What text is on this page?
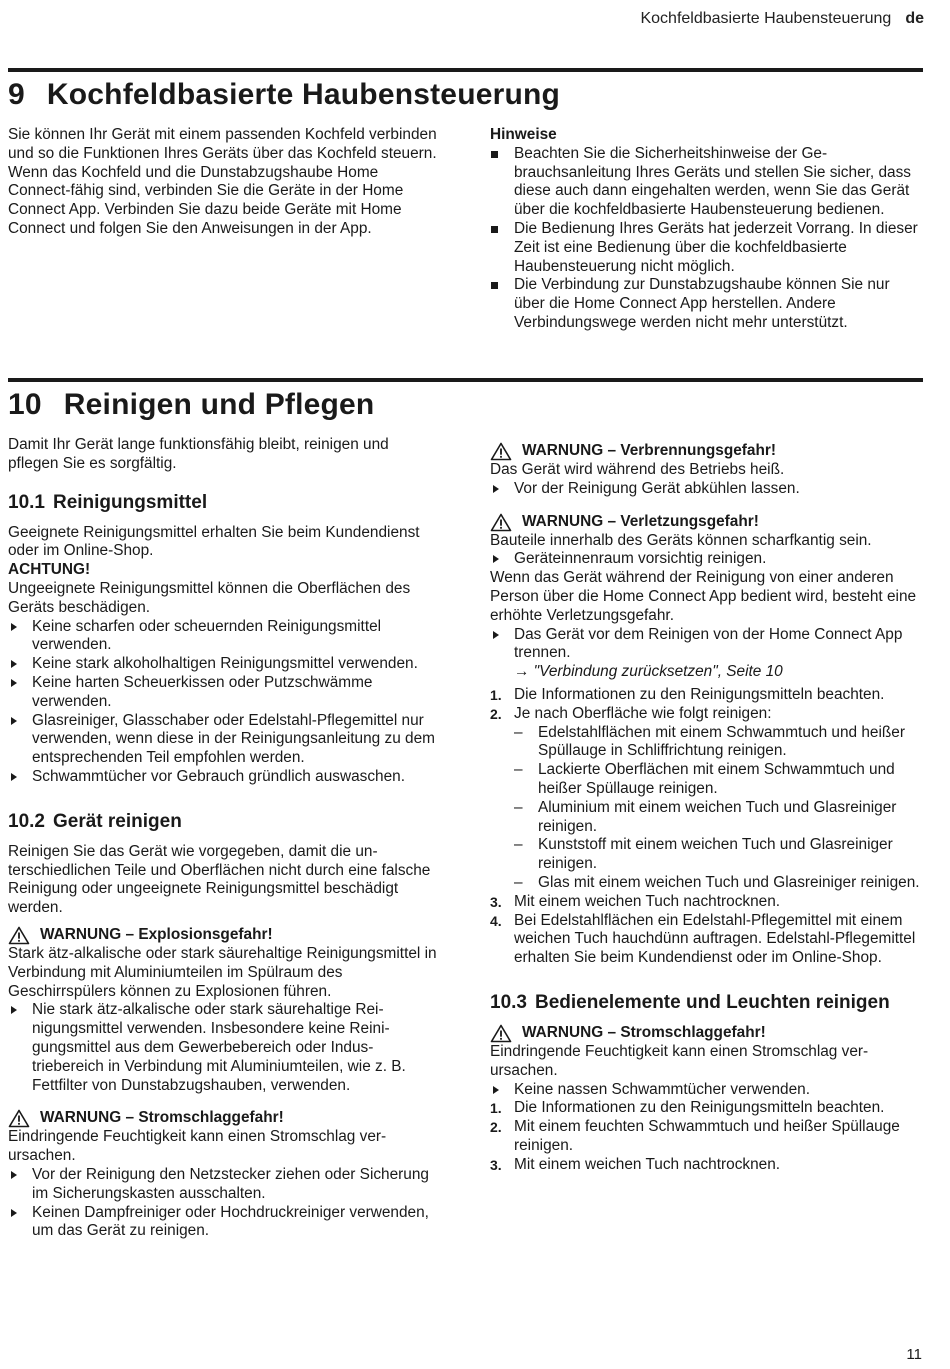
Kochfeldbasierte Haubensteuerung de
9 Kochfeldbasierte Haubensteuerung

Sie können Ihr Gerät mit einem passenden Kochfeld verbinden und so die Funktionen Ihres Geräts über das Kochfeld steuern.

Wenn das Kochfeld und die Dunstabzugshaube Home Connect-fähig sind, verbinden Sie die Geräte in der Home Connect App. Verbinden Sie dazu beide Geräte mit Home Connect und folgen Sie den Anweisungen in der App.

Hinweise

Beachten Sie die Sicherheitshinweise der Gebrauchsanleitung Ihres Geräts und stellen Sie sicher, dass diese auch dann eingehalten werden, wenn Sie das Gerät über die kochfeldbasierte Haubensteuerung bedienen.
Die Bedienung Ihres Geräts hat jederzeit Vorrang. In dieser Zeit ist eine Bedienung über die kochfeldbasierte Haubensteuerung nicht möglich.
Die Verbindung zur Dunstabzugshaube können Sie nur über die Home Connect App herstellen. Andere Verbindungswege werden nicht mehr unterstützt.
10 Reinigen und Pflegen

Damit Ihr Gerät lange funktionsfähig bleibt, reinigen und pflegen Sie es sorgfältig.

10.1 Reinigungsmittel

Geeignete Reinigungsmittel erhalten Sie beim Kundendienst oder im Online-Shop.

ACHTUNG!

Ungeeignete Reinigungsmittel können die Oberflächen des Geräts beschädigen.

Keine scharfen oder scheuernden Reinigungsmittel verwenden.
Keine stark alkoholhaltigen Reinigungsmittel verwenden.
Keine harten Scheuerkissen oder Putzschwämme verwenden.
Glasreiniger, Glasschaber oder Edelstahl-Pflegemittel nur verwenden, wenn diese in der Reinigungsanleitung zu dem entsprechenden Teil empfohlen werden.
Schwammtücher vor Gebrauch gründlich auswaschen.
10.2 Gerät reinigen

Reinigen Sie das Gerät wie vorgegeben, damit die unterschiedlichen Teile und Oberflächen nicht durch eine falsche Reinigung oder ungeeignete Reinigungsmittel beschädigt werden.

WARNUNG – Explosionsgefahr!

Stark ätz-alkalische oder stark säurehaltige Reinigungsmittel in Verbindung mit Aluminiumteilen im Spülraum des Geschirrspülers können zu Explosionen führen.

Nie stark ätz-alkalische oder stark säurehaltige Reinigungsmittel verwenden. Insbesondere keine Reinigungsmittel aus dem Gewerbebereich oder Industriebereich in Verbindung mit Aluminiumteilen, wie z. B. Fettfilter von Dunstabzugshauben, verwenden.

WARNUNG – Stromschlaggefahr!

Eindringende Feuchtigkeit kann einen Stromschlag verursachen.

Vor der Reinigung den Netzstecker ziehen oder Sicherung im Sicherungskasten ausschalten.
Keinen Dampfreiniger oder Hochdruckreiniger verwenden, um das Gerät zu reinigen.

WARNUNG – Verbrennungsgefahr!

Das Gerät wird während des Betriebs heiß.

Vor der Reinigung Gerät abkühlen lassen.

WARNUNG – Verletzungsgefahr!

Bauteile innerhalb des Geräts können scharfkantig sein.

Geräteinnenraum vorsichtig reinigen.

Wenn das Gerät während der Reinigung von einer anderen Person über die Home Connect App bedient wird, besteht eine erhöhte Verletzungsgefahr.

Das Gerät vor dem Reinigen von der Home Connect App trennen.

→ "Verbindung zurücksetzen", Seite 10

1. Die Informationen zu den Reinigungsmitteln beachten.
2. Je nach Oberfläche wie folgt reinigen:
– Edelstahlflächen mit einem Schwammtuch und heißer Spüllauge in Schliffrichtung reinigen.
– Lackierte Oberflächen mit einem Schwammtuch und heißer Spüllauge reinigen.
– Aluminium mit einem weichen Tuch und Glasreiniger reinigen.
– Kunststoff mit einem weichen Tuch und Glasreiniger reinigen.
– Glas mit einem weichen Tuch und Glasreiniger reinigen.
3. Mit einem weichen Tuch nachtrocknen.
4. Bei Edelstahlflächen ein Edelstahl-Pflegemittel mit einem weichen Tuch hauchdünn auftragen. Edelstahl-Pflegemittel erhalten Sie beim Kundendienst oder im Online-Shop.
10.3 Bedienelemente und Leuchten reinigen

WARNUNG – Stromschlaggefahr!

Eindringende Feuchtigkeit kann einen Stromschlag verursachen.

Keine nassen Schwammtücher verwenden.
1. Die Informationen zu den Reinigungsmitteln beachten.
2. Mit einem feuchten Schwammtuch und heißer Spüllauge reinigen.
3. Mit einem weichen Tuch nachtrocknen.
11
